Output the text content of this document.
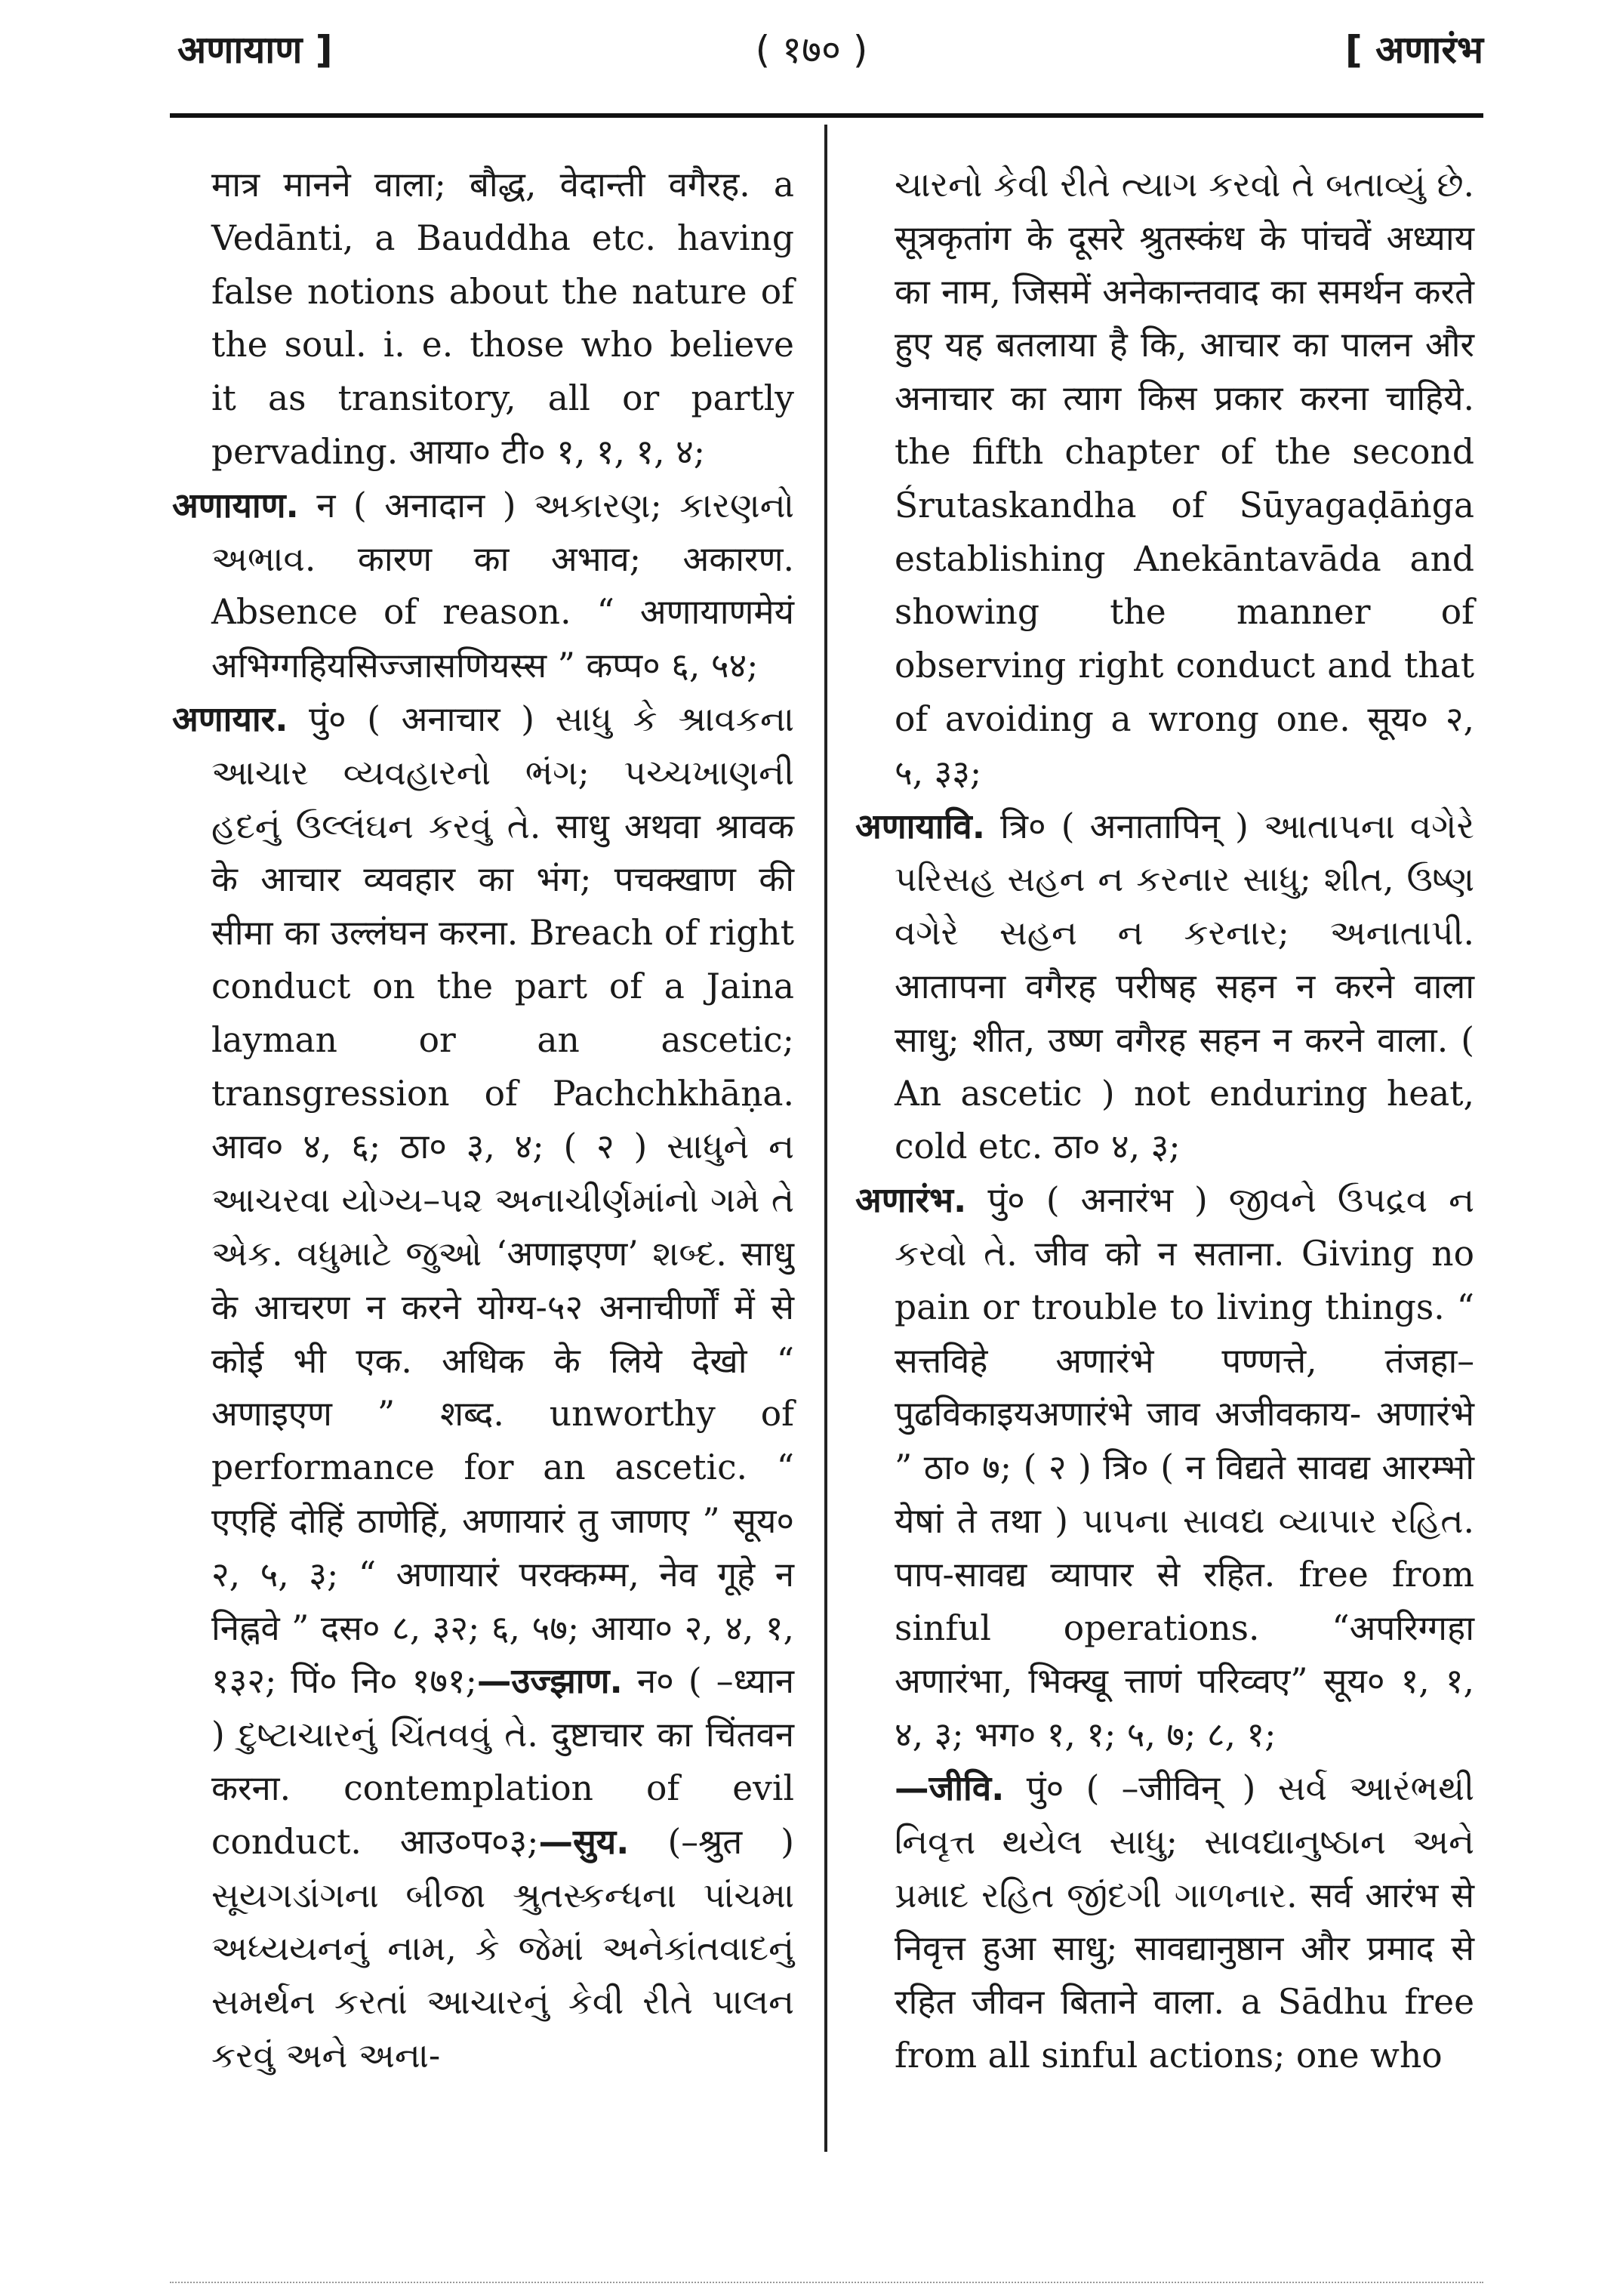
अणायाण ]	( १७० )	[ अणारंभ

मात्र मानने वाला; बौद्ध, वेदान्ती वगैरह. a Vedānti, a Bauddha etc. having false notions about the nature of the soul. i. e. those who believe it as transitory, all or partly pervading. आया० टी० १, १, १, ४;

अणायाण. न ( अनादान ) અકારણ; કારણનો અભાવ. कारण का अभाव; अकारण. Absence of reason. “ अणायाणमेयं अभिग्गहियसिज्जासणियस्स ” कप्प० ६, ५४;

अणायार. पुं० ( अनाचार ) સાધુ કે શ્રાવકના આચાર વ્યવહારનો ભંગ; પચ્ચખાણની હદનું ઉલ્લંઘન કરવું તે. साधु अथवा श्रावक के आचार व्यवहार का भंग; पचक्खाण की सीमा का उल्लंघन करना. Breach of right conduct on the part of a Jaina layman or an ascetic; transgression of Pachchkhāṇa. आव० ४, ६; ठा० ३, ४; ( २ ) સાધુને ન આચરવા યોગ્ય–૫૨ અનાચીર્ણમાંનો ગમે તે એક. વધુમાટે જુઓ ‘अणाइएण’ શબ્દ. साधु के आचरण न करने योग्य-५२ अनाचीर्णों में से कोई भी एक. अधिक के लिये देखो “ अणाइएण ” शब्द. unworthy of performance for an ascetic. “ एएहिं दोहिं ठाणेहिं, अणायारं तु जाणए ” सूय० २, ५, ३; “ अणायारं परक्कम्म, नेव गूहे न निह्नवे ” दस० ८, ३२; ६, ५७; आया० २, ४, १, १३२; पिं० नि० १७१;—उज्झाण. न० ( –ध्यान ) દુષ્ટાચારનું ચિંતવવું તે. दुष्टाचार का चिंतवन करना. contemplation of evil conduct. आउ०प०३;—सुय. (–श्रुत ) સૂયગડાંગના બીજા શ્રુતસ્કન્ધના પાંચમા અધ્યયનનું નામ, કે જેમાં અનેકાંતવાદનું સમર્થન કરતાં આચારનું કેવી રીતે પાલન કરવું અને અના-

ચારનો કેવી રીતે ત્યાગ કરવો તે બતાવ્યું છે. सूत्रकृतांग के दूसरे श्रुतस्कंध के पांचवें अध्याय का नाम, जिसमें अनेकान्तवाद का समर्थन करते हुए यह बतलाया है कि, आचार का पालन और अनाचार का त्याग किस प्रकार करना चाहिये. the fifth chapter of the second Śrutaskandha of Sūyagaḍāṅga establishing Anekāntavāda and showing the manner of observing right conduct and that of avoiding a wrong one. सूय० २, ५, ३३;

अणायावि. त्रि० ( अनातापिन् ) આતાપના વગેરે પરિસહ સહન ન કરનાર સાધુ; શીત, ઉષ્ણ વગેરે સહન ન કરનાર; અનાતાપી. आतापना वगैरह परीषह सहन न करने वाला साधु; शीत, उष्ण वगैरह सहन न करने वाला. ( An ascetic ) not enduring heat, cold etc. ठा० ४, ३;

अणारंभ. पुं० ( अनारंभ ) જીવને ઉપદ્રવ ન કરવો તે. जीव को न सताना. Giving no pain or trouble to living things. “ सत्तविहे अणारंभे पण्णत्ते, तंजहा– पुढविकाइयअणारंभे जाव अजीवकाय- अणारंभे ” ठा० ७; ( २ ) त्रि० ( न विद्यते सावद्य आरम्भो येषां ते तथा ) પાપના સાવદ્ય વ્યાપાર રહિત. पाप-सावद्य व्यापार से रहित. free from sinful operations. “अपरिग्गहा अणारंभा, भिक्खू त्ताणं परिव्वए” सूय० १, १, ४, ३; भग० १, १; ५, ७; ८, १;

—जीवि. पुं० ( –जीविन् ) સર્વ આરંભથી નિવૃત્ત થયેલ સાધુ; સાવદ્યાનુષ્ઠાન અને પ્રમાદ રહિત જીંદગી ગાળનાર. सर्व आरंभ से निवृत्त हुआ साधु; सावद्यानुष्ठान और प्रमाद से रहित जीवन बिताने वाला. a Sādhu free from all sinful actions; one who
